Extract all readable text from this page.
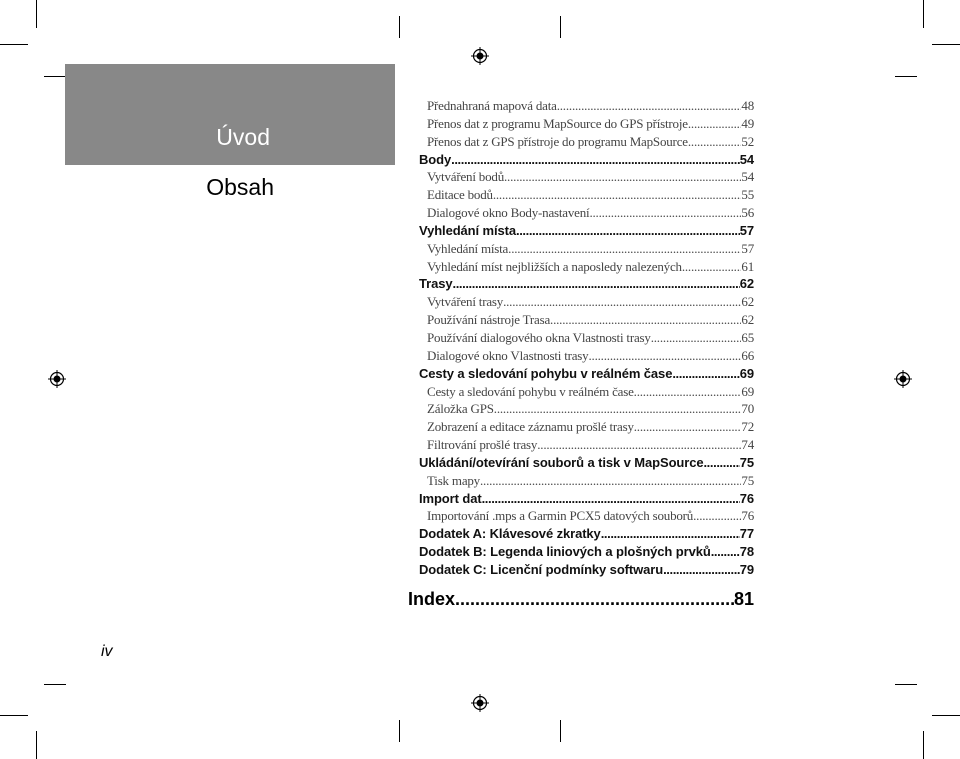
Úvod
Obsah
Přednahraná mapová data .....	48
Přenos dat z programu MapSource do GPS přístroje .....	49
Přenos dat z GPS přístroje do programu MapSource .....	52
Body .....	54
Vytváření bodů .....	54
Editace bodů .....	55
Dialogové okno Body-nastavení .....	56
Vyhledání místa .....	57
Vyhledání místa .....	57
Vyhledání míst nejbližších a naposledy nalezených .....	61
Trasy .....	62
Vytváření trasy .....	62
Používání nástroje Trasa .....	62
Používání dialogového okna Vlastnosti trasy .....	65
Dialogové okno Vlastnosti trasy .....	66
Cesty a sledování pohybu v reálném čase .....	69
Cesty a sledování pohybu v reálném čase .....	69
Záložka GPS .....	70
Zobrazení a editace záznamu prošlé trasy .....	72
Filtrování prošlé trasy .....	74
Ukládání/otevírání souborů a tisk v MapSource .....	75
Tisk mapy .....	75
Import dat .....	76
Importování .mps a Garmin PCX5 datových souborů .....	76
Dodatek A: Klávesové zkratky .....	77
Dodatek B: Legenda liniových a plošných prvků ..... 78
Dodatek C: Licenční podmínky softwaru .....	79
Index .....	81
iv
